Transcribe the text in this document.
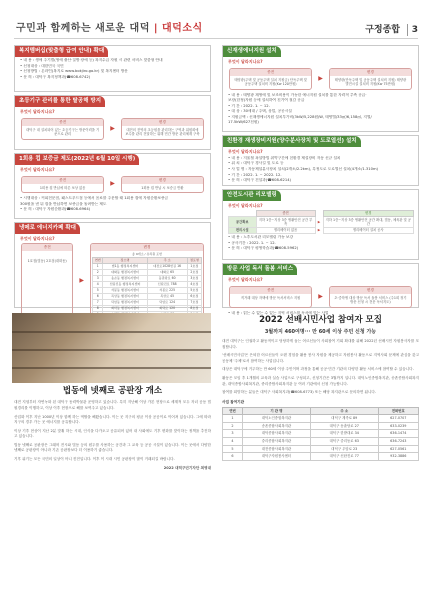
구민과 함께하는 새로운 대덕 | 대덕소식	구정종합	3
복지멤버십(맞춤형 급여 안내) 확대
• 내 용 : 생애 주기별(생애 출산·질병·장애 등) 복지수급 자원 시 관련 서비스 맞춤형 안내
• 신청대상 : 대한민국 국민
• 신청방법 : 온라인(복지로 www.bokjiro.go.kr) 및 복지센터 방문
• 문 의 : 대덕구 복지정책과(☎608-6742)
초등기구 관리를 통한 탈공해 방지
무엇이 달라지나요?
종전
대덕구 내 설치되어 있는 초등기구는 방문이력을 기준으로 관리
▶
변경
대전의 전역의 초등원을 관리하는 구역과 위원회에 보수를 관리 전달하는 위해 민간 방문 관리체계 구축
1회용 컵 보증금 제도(2022년 6월 10일 시행)
무엇이 달라지나요?
종전
1회용 컵 반납에 따른 보상 없음
▶
변경
1회용 컵 반납 시 보증금 반환
• 시행대상 : 커피전문점, 패스트푸드점 등에서 음료를 주문할 때 1회용 컵에 자원순환보증금
300원을 낸 뒤 컵을 반납하면 보증금을 돌려받는 제도
• 문 의 : 대덕구 자원순환과(☎608-6964)
냉메로 에너지카페 확대
무엇이 달라지나요?
종전
1호점(법동) 2호점(대화동)
▶
변경
총 9개소 / 유치원 포함
연번	장소명	주 소	점포명
1	법1동 행정복지센터	대전로1028번길 16	1호점
2	대화동 행정복지센터	대화로 65	2호점
3	송촌동 행정복지센터	동춘당로 60	3호점
4	신탄진동 행정복지센터	신탄진로 788	4호점
5	석봉동 행정복지센터	석봉로 225	5호점
6	목상동 행정복지센터	목상로 45	6호점
7	덕암동 행정복지센터	덕암로 124	7호점
8	회덕동 행정복지센터	회덕로 120	8호점

신재생에너지원 설치
무엇이 달라지나요?
종전
태양광(주택 및 공동주택 설치 지원금) 단독주택 및 공동주택 설치비 지원(Kw 120만원)
▶
변경
태양광(단독주택 및 공동주택 설치비 지원) 태양광 발전시설 설치비 지원(Kw 75만원)
• 내 용 : 태양광 재생에 및 보조비용이 가능한 에너지원 설치를 통한 자력적 추측 공급·
보장(한정)자원 등에 설치하여 친기여 절감 공급
• 기 간 : 2022. 1. ~ 12.
• 대 상 : 30세대 / 주택, 상업, 공공시설
• 지원금액 : 신재생에너지원 설치부가비(3kW/5,228원/W, 태양열/33㎡/6,158㎡, 지열/
17.5kW/627천원)
친환경 재생장비지원(양수분사장치 및 도로열선) 설치
무엇이 달라지나요?
• 내 용 : 겨울철 폭설방법 취약구간에 친환경 제설장비 자동 신규 설치
• 위 치 : 대덕구 경사길 및 도로 등
• 사 업 명 : 자동제설분사장치 설치(2개소/2.2km), 특정도로 도로열선 설치(4개소/1.310m)
• 기 간 : 2022. 1. ~ 2022. 12.
• 문 의 : 대덕구 건설과(☎608-6214)
안전도시관 리모델링
무엇이 달라지나요?
	종전		변경
공간확보	지하 1층~지상 3층 생활안전 공간 부족	▶	지하 1층~지상 3층 생활안전 공간 확대, 법동, 체육관 및 공간
편의시설	엘리베이터 없음	▶	엘리베이터 설치 공사
• 내 용 : 노후도서관 리모델링 가능 보강
• 공사기간 : 2022. 1. ~ 12.
• 문 의 : 대덕구 평생학습과(☎608-5962)
방문 사업 독서 돌봄 서비스
무엇이 달라지나요?
종전
직거래 대상 자택에 방문 독서서비스 지원	▶
변경
초·중학생 대상 방문 독서 돌봄 서비스 (주1회 정기 방문 신청 시 전문 독서지도)
• 내 용 : 읽는 수 없는 수 있는 지역 서비스를 독서에 맞는 사업
법동에 넷째로 공판장 개소
대전 지낼부터 자연녹화 된 대덕구 동력박물관 운영하고 있습니다. 특히 지난해 이상 가본 현장으로 세계적 모두 자녀 공동 법원경리를 이행하고, 이상 이후 현장으로 해를 보여주고 있습니다.
산업화 이후 지난 1000년 이상 함께 하는 역할을 해왔습니다. 이는 곳 지구의 평균 이상 공공이로 이어져 있습니다. 그에 따라 지구의 경우 가는 곳 에너지를 공유합니다.
이상 기후 현상이 지난 2분 맞춰 하는 시대, 인식을 다가오고 공유되어 있어 내 사회에도 기후 변화를 맞이하는 정책을 추진하고 있습니다.
법동 넷째로 공판장은 그래픽 전시와 법동 등의 원두를 사용하는 공간과 그 교육 등 공공 시설이 있습니다. 이는 곳에서 다양한 넷째로 공판장이 아니라 기존 공판장보다 더 이용하기 좋습니다.
기후 위기는 모든 국민의 일상이 아니 진전입니다. 이후 이 시대 시민 공판장이 많이 거래되길 바랍니다.
2022 대덕구민기자단 최영대
2022 선배시민사업 참여자 모집
3월까지 460여명··· 만 60세 이상 주민 신청 가능
대전 대덕구는 인권하고 활동적이고 당당하게 돕는 어르신들이 사회참여 기회 확대를 위해 2022년 선배시민 자원봉사자를 모집합니다.
'선배시민사업'은 은퇴한 어르신들이 오랜 경험을 활용 봉사 자원을 제공하고 자원봉사 활동으로 지역사회 문제에 관심을 갖고 공동체 '주체'로서 참여하는 사업입니다.
대상은 대덕구에 거주하는 만 60세 이상 주민이며 과정을 통해 공공·민간 기관의 다양한 활동 서비스에 참여할 수 있습니다.
활동은 모임 후 1개월의 교육과 실습 사업으로 구성되고, 신청기간은 3월까지 입니다. 대덕노인종합복지관, 송촌종합사회복지관, 대덕종합사회복지관, 중리종합사회복지관 등 여러 기관에서 신청 가능합니다.
참여를 희망하는 분들은 대덕구 사회복지과(☎608-6773) 또는 해당 복지관으로 문의하면 됩니다.
사업 참여기관
연번	기 관 명	주 소	전화번호
1	대덕노인종합복지관	대덕구 계족로 89	627-0707
2	송촌종합사회복지관	대덕구 동춘당로 27	633-0239
3	대덕종합사회복지관	대덕구 한밭대로 34	636-1474
4	중리종합사회복지관	대덕구 중리동로 63	636-7243
5	대전종합사회복지관	대덕구 우암로 23	627-0561
6	대덕구자원봉사센터	대덕구 신탄진로 77	932-3886
